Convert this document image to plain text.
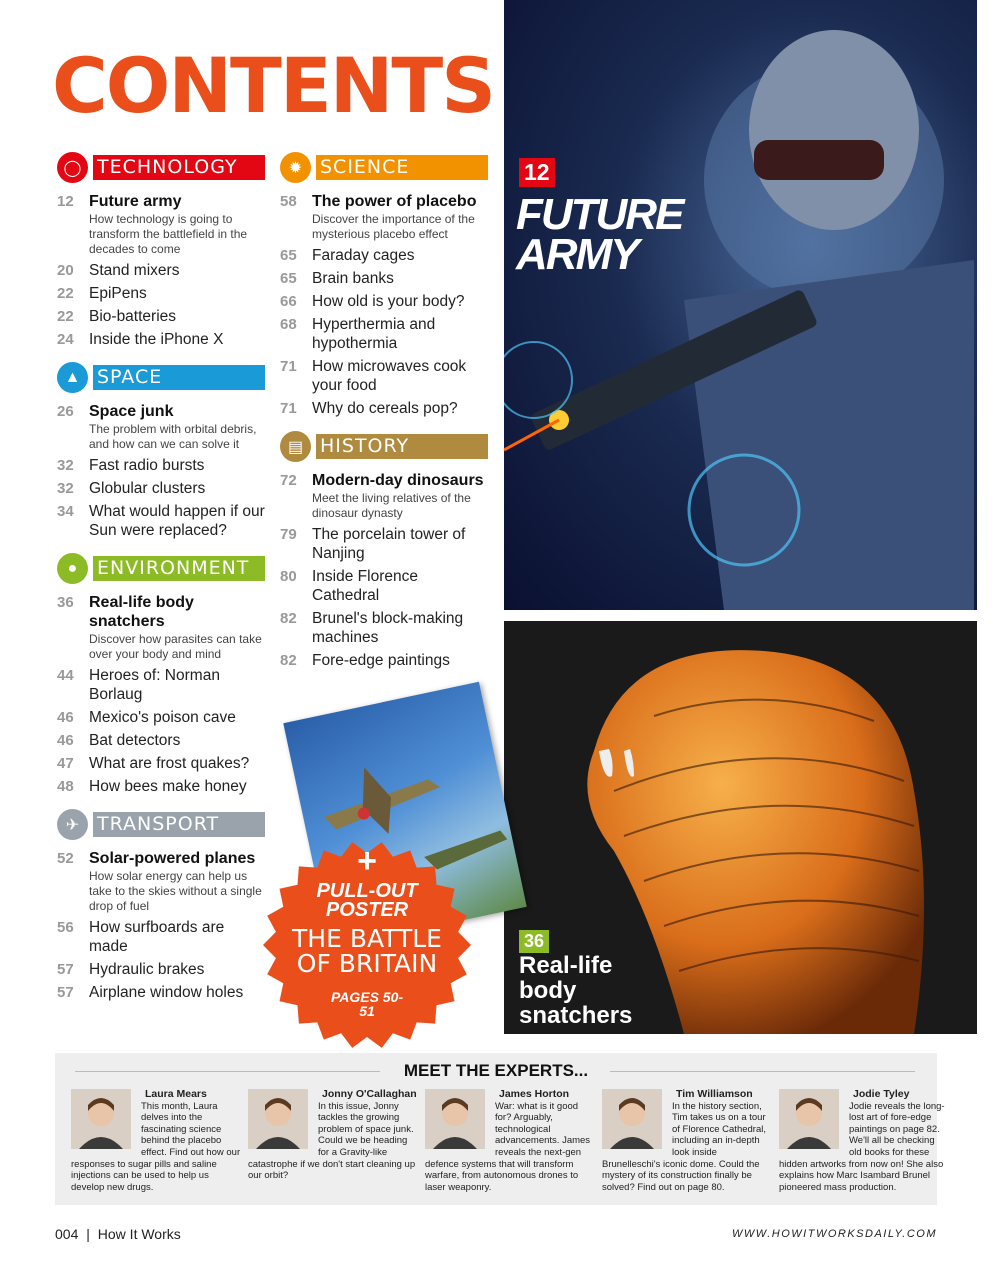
CONTENTS
◯ TECHNOLOGY
12 Future army
How technology is going to transform the battlefield in the decades to come
20 Stand mixers
22 EpiPens
22 Bio-batteries
24 Inside the iPhone X
▲ SPACE
26 Space junk
The problem with orbital debris, and how can we can solve it
32 Fast radio bursts
32 Globular clusters
34 What would happen if our Sun were replaced?
●	ENVIRONMENT
36 Real-life body snatchers
Discover how parasites can take over your body and mind
44 Heroes of: Norman Borlaug
46 Mexico's poison cave
46 Bat detectors
47 What are frost quakes?
48 How bees make honey
✈ TRANSPORT
52 Solar-powered planes
How solar energy can help us take to the skies without a single drop of fuel
56 How surfboards are made
57 Hydraulic brakes
57 Airplane window holes
✹ SCIENCE
58 The power of placebo
Discover the importance of the mysterious placebo effect
65 Faraday cages
65 Brain banks
66 How old is your body?
68 Hyperthermia and hypothermia
71 How microwaves cook your food
71 Why do cereals pop?
▤ HISTORY
72 Modern-day dinosaurs
Meet the living relatives of the dinosaur dynasty
79 The porcelain tower of Nanjing
80 Inside Florence Cathedral
82 Brunel's block-making machines
82 Fore-edge paintings
12
FUTURE ARMY
36
Real-life body snatchers
+
PULL-OUT POSTER
THE BATTLE OF BRITAIN
PAGES 50-51
MEET THE EXPERTS...
Laura Mears
This month, Laura delves into the fascinating science behind the placebo effect. Find out how our responses to sugar pills and saline injections can be used to help us develop new drugs.
Jonny O'Callaghan
In this issue, Jonny tackles the growing problem of space junk. Could we be heading for a Gravity-like catastrophe if we don't start cleaning up our orbit?
James Horton
War: what is it good for? Arguably, technological advancements. James reveals the next-gen defence systems that will transform warfare, from autonomous drones to laser weaponry.
Tim Williamson
In the history section, Tim takes us on a tour of Florence Cathedral, including an in-depth look inside Brunelleschi's iconic dome. Could the mystery of its construction finally be solved? Find out on page 80.
Jodie Tyley
Jodie reveals the long-lost art of fore-edge paintings on page 82. We'll all be checking old books for these hidden artworks from now on! She also explains how Marc Isambard Brunel pioneered mass production.
004 | How It Works	WWW.HOWITWORKSDAILY.COM
